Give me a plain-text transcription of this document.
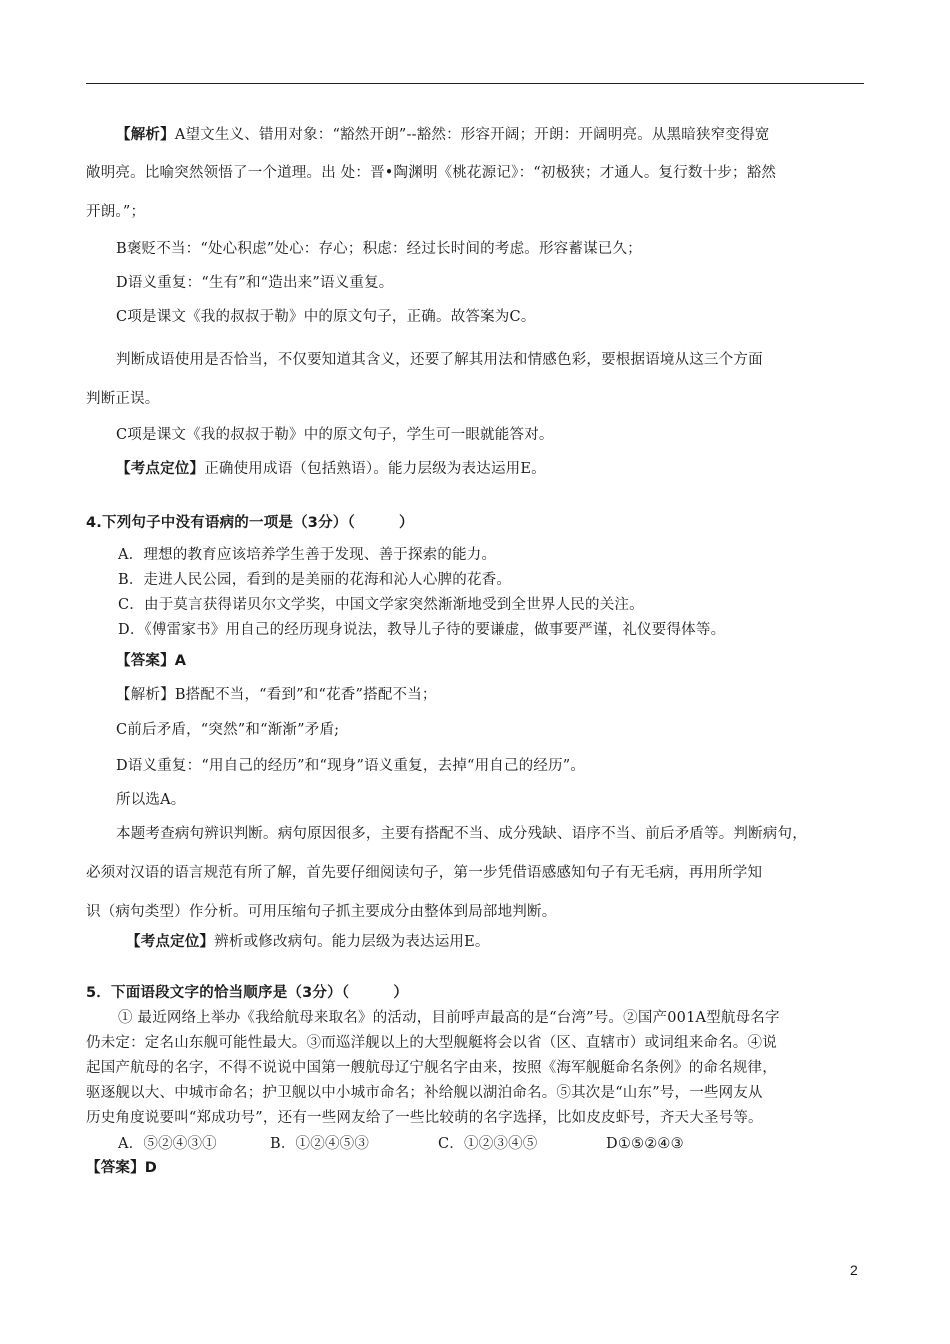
【解析】A望文生义、错用对象：“豁然开朗”--豁然：形容开阔；开朗：开阔明亮。从黑暗狭窄变得宽
敞明亮。比喻突然领悟了一个道理。出 处：晋•陶渊明《桃花源记》：“初极狭；才通人。复行数十步；豁然
开朗。”；
B褒贬不当：“处心积虑”处心：存心；积虑：经过长时间的考虑。形容蓄谋已久；
D语义重复：“生有”和“造出来”语义重复。
C项是课文《我的叔叔于勒》中的原文句子，正确。故答案为C。
判断成语使用是否恰当，不仅要知道其含义，还要了解其用法和情感色彩，要根据语境从这三个方面
判断正误。
C项是课文《我的叔叔于勒》中的原文句子，学生可一眼就能答对。
【考点定位】正确使用成语（包括熟语）。能力层级为表达运用E。
4.下列句子中没有语病的一项是（3分）（　　　）
A．理想的教育应该培养学生善于发现、善于探索的能力。
B．走进人民公园，看到的是美丽的花海和沁人心脾的花香。
C．由于莫言获得诺贝尔文学奖，中国文学家突然渐渐地受到全世界人民的关注。
D．《傅雷家书》用自己的经历现身说法，教导儿子待的要谦虚，做事要严谨，礼仪要得体等。
【答案】A
【解析】B搭配不当，“看到”和“花香”搭配不当；
C前后矛盾，“突然”和“渐渐”矛盾;
D语义重复：“用自己的经历”和“现身”语义重复，去掉“用自己的经历”。
所以选A。
本题考查病句辨识判断。病句原因很多，主要有搭配不当、成分残缺、语序不当、前后矛盾等。判断病句，
必须对汉语的语言规范有所了解，首先要仔细阅读句子，第一步凭借语感感知句子有无毛病，再用所学知
识（病句类型）作分析。可用压缩句子抓主要成分由整体到局部地判断。
【考点定位】辨析或修改病句。能力层级为表达运用E。
5．下面语段文字的恰当顺序是（3分）（　　　）
① 最近网络上举办《我给航母来取名》的活动，目前呼声最高的是“台湾”号。②国产001A型航母名字
仍未定：定名山东舰可能性最大。③而巡洋舰以上的大型舰艇将会以省（区、直辖市）或词组来命名。④说
起国产航母的名字，不得不说说中国第一艘航母辽宁舰名字由来，按照《海军舰艇命名条例》的命名规律，
驱逐舰以大、中城市命名；护卫舰以中小城市命名；补给舰以湖泊命名。⑤其次是“山东”号，一些网友从
历史角度说要叫“郑成功号”，还有一些网友给了一些比较萌的名字选择，比如皮皮虾号，齐天大圣号等。
A．⑤②④③①	B．①②④⑤③	C．①②③④⑤	D①⑤②④③
【答案】D
2
